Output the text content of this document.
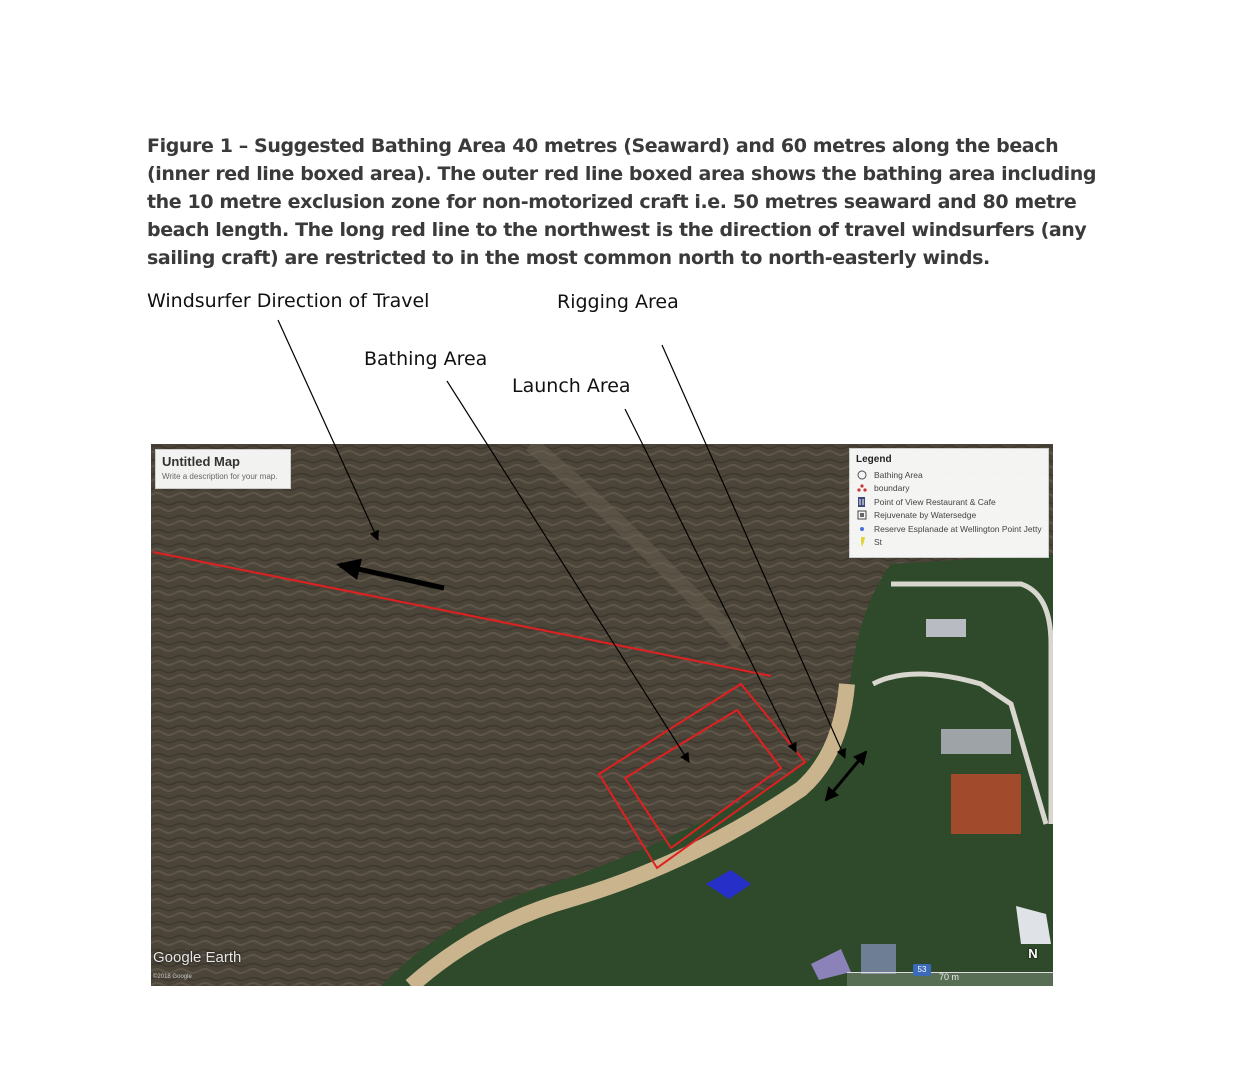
Figure 1 – Suggested Bathing Area 40 metres (Seaward) and 60 metres along the beach (inner red line boxed area). The outer red line boxed area shows the bathing area including the 10 metre exclusion zone for non-motorized craft i.e. 50 metres seaward and 80 metre beach length. The long red line to the northwest is the direction of travel windsurfers (any sailing craft) are restricted to in the most common north to north-easterly winds.
Windsurfer Direction of Travel	Rigging Area
Bathing Area
Launch Area
Untitled Map
Write a description for your map.
Legend
Bathing Area
boundary
Point of View Restaurant & Cafe
Rejuvenate by Watersedge
Reserve Esplanade at Wellington Point Jetty
St
Google Earth
©2018 Google	70 m
N
53
